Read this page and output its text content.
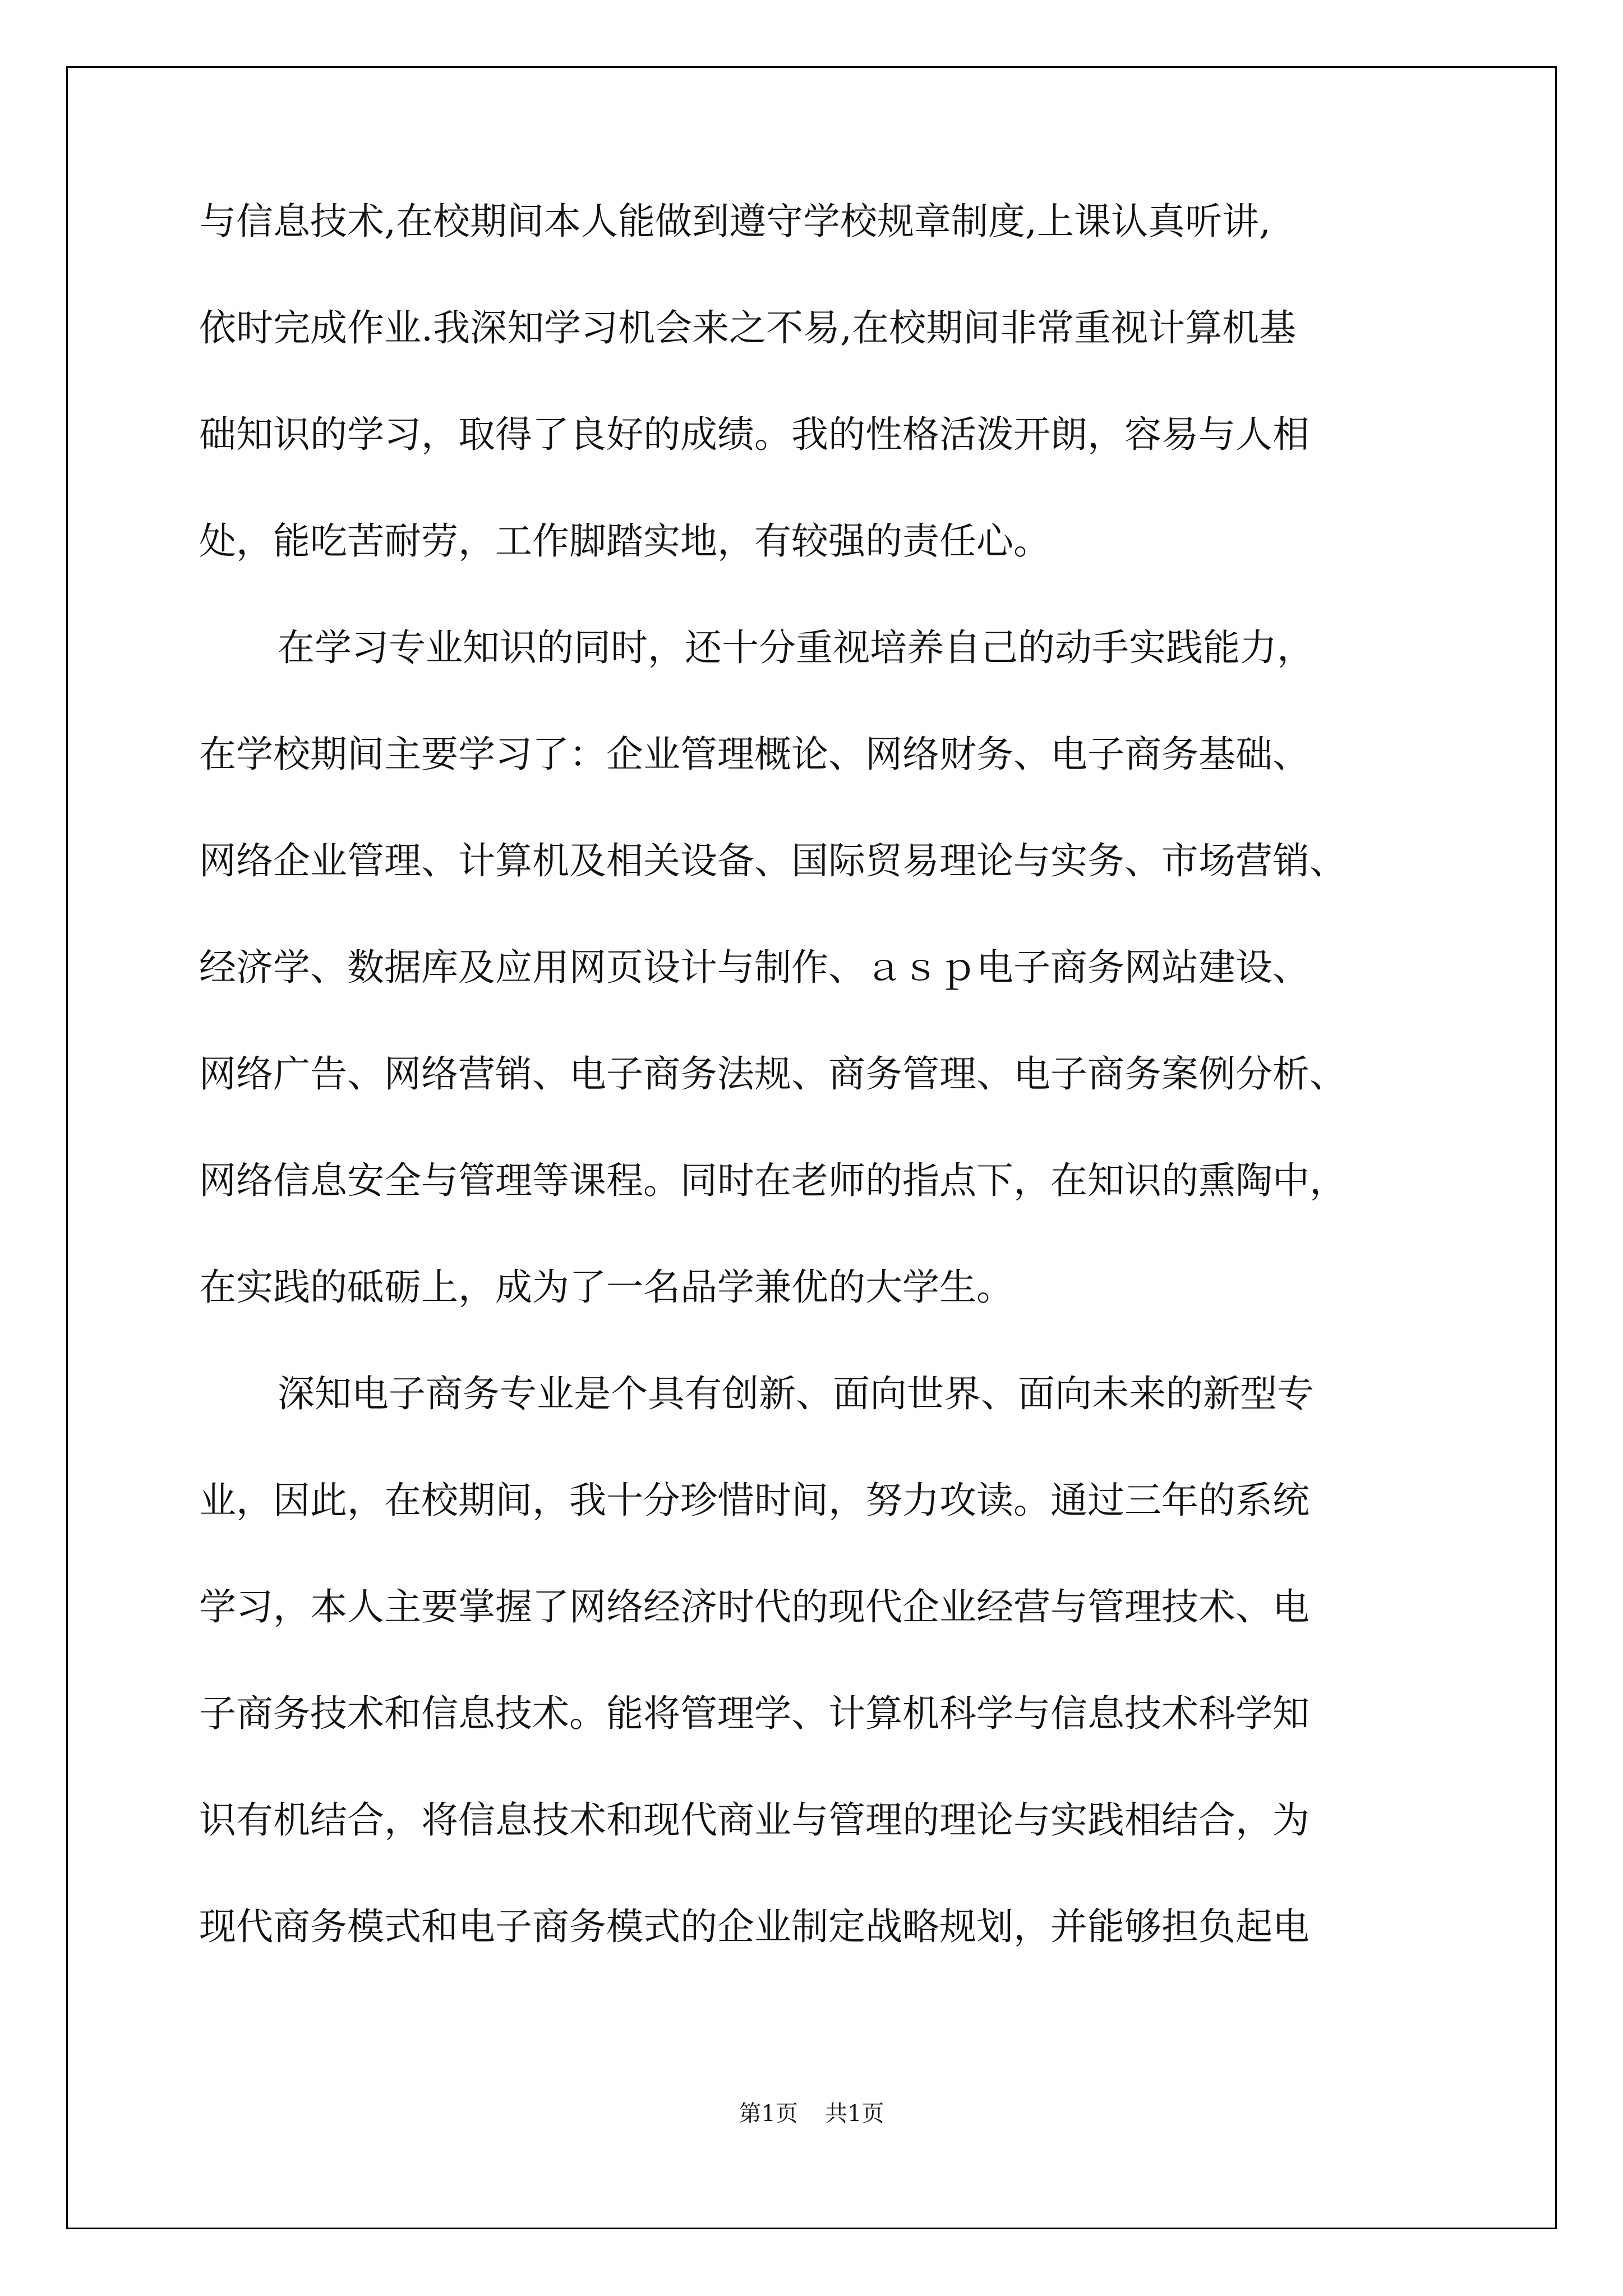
与信息技术,在校期间本人能做到遵守学校规章制度,上课认真听讲,

依时完成作业.我深知学习机会来之不易,在校期间非常重视计算机基

础知识的学习，取得了良好的成绩。我的性格活泼开朗，容易与人相

处，能吃苦耐劳，工作脚踏实地，有较强的责任心。

在学习专业知识的同时，还十分重视培养自己的动手实践能力，

在学校期间主要学习了：企业管理概论、网络财务、电子商务基础、

网络企业管理、计算机及相关设备、国际贸易理论与实务、市场营销、

经济学、数据库及应用网页设计与制作、ａｓｐ电子商务网站建设、

网络广告、网络营销、电子商务法规、商务管理、电子商务案例分析、

网络信息安全与管理等课程。同时在老师的指点下，在知识的熏陶中，

在实践的砥砺上，成为了一名品学兼优的大学生。

深知电子商务专业是个具有创新、面向世界、面向未来的新型专

业，因此，在校期间，我十分珍惜时间，努力攻读。通过三年的系统

学习，本人主要掌握了网络经济时代的现代企业经营与管理技术、电

子商务技术和信息技术。能将管理学、计算机科学与信息技术科学知

识有机结合，将信息技术和现代商业与管理的理论与实践相结合，为

现代商务模式和电子商务模式的企业制定战略规划，并能够担负起电

第1页 共1页
